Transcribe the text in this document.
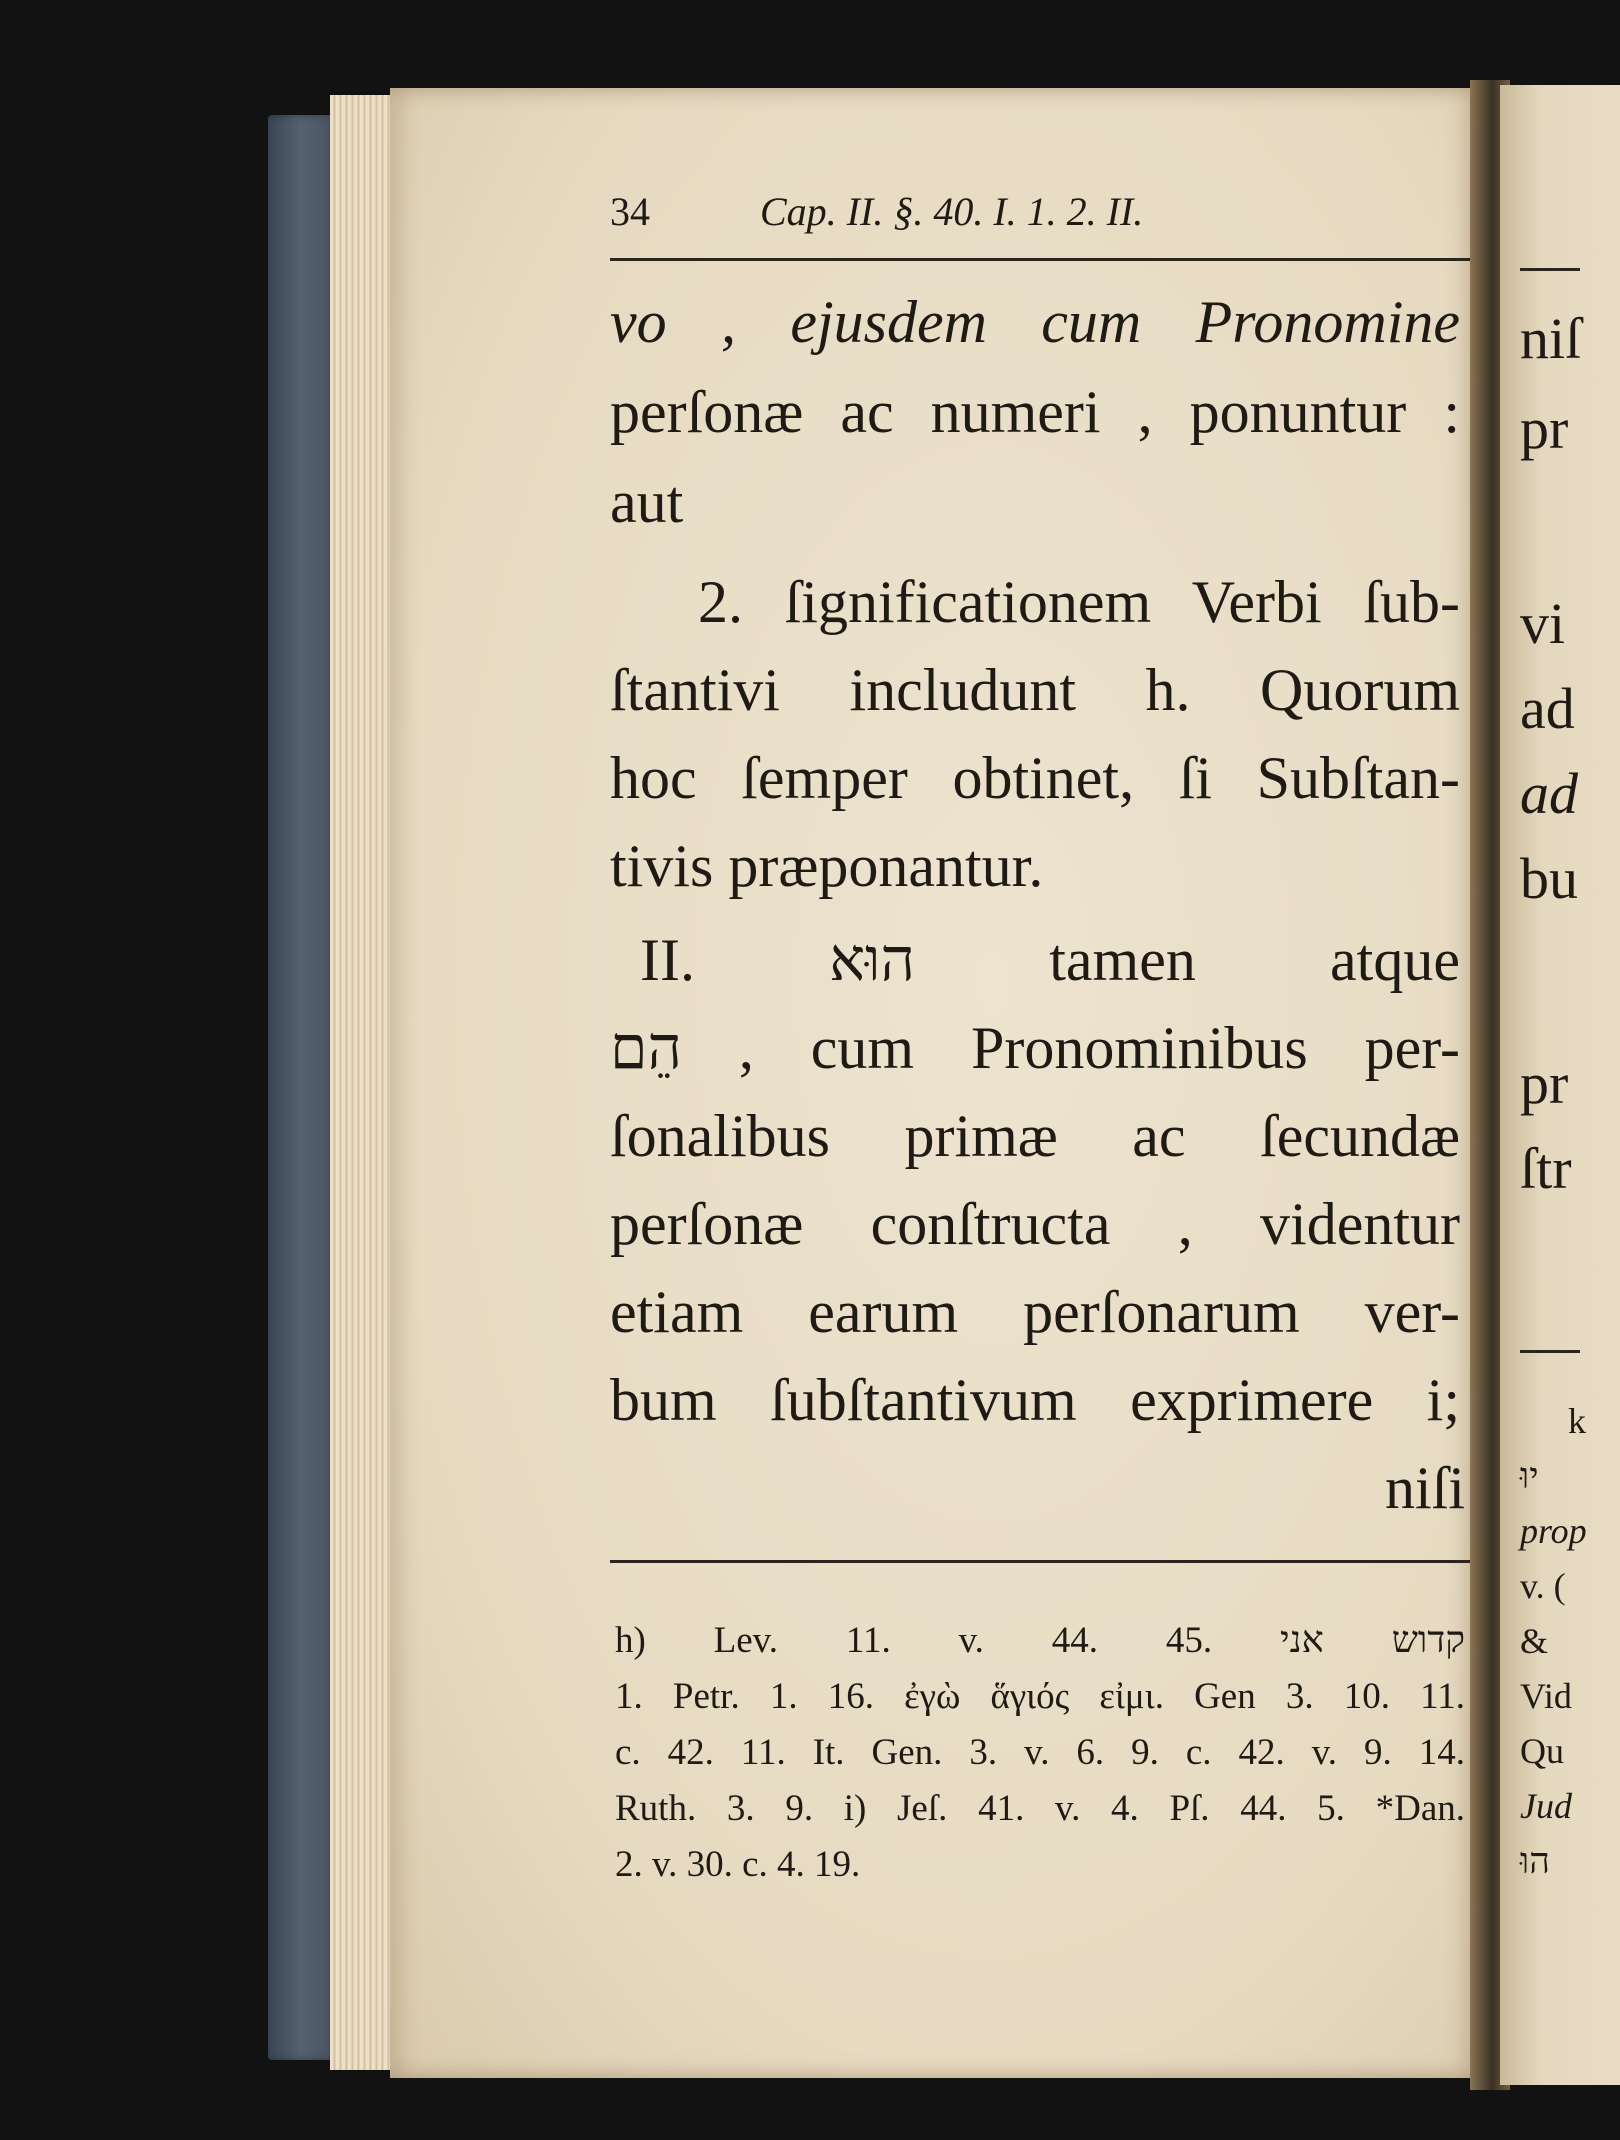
34	Cap. II. §. 40. I. 1. 2. II.
vo , ejusdem cum Pronomine
perſonæ ac numeri , ponuntur :
aut
2. ſignificationem Verbi ſub-
ſtantivi includunt h. Quorum
hoc ſemper obtinet, ſi Subſtan-
tivis præponantur.
II. הוּא tamen atque
הֵם , cum Pronominibus per-
ſonalibus primæ ac ſecundæ
perſonæ conſtructa , videntur
etiam earum perſonarum ver-
bum ſubſtantivum exprimere i;
niſi
h) Lev. 11. v. 44. 45. קדוש אני
1. Petr. 1. 16. ἐγὼ ἅγιός εἰμι. Gen 3. 10. 11.
c. 42. 11. It. Gen. 3. v. 6. 9. c. 42. v. 9. 14.
Ruth. 3. 9. i) Jeſ. 41. v. 4. Pſ. 44. 5. *Dan.
2. v. 30. c. 4. 19.
niſ
pr
vi
ad
ad
bu
pr
ſtr
k
יוּ
prop
v. (
&
Vid
Qu
Jud
הוּ
